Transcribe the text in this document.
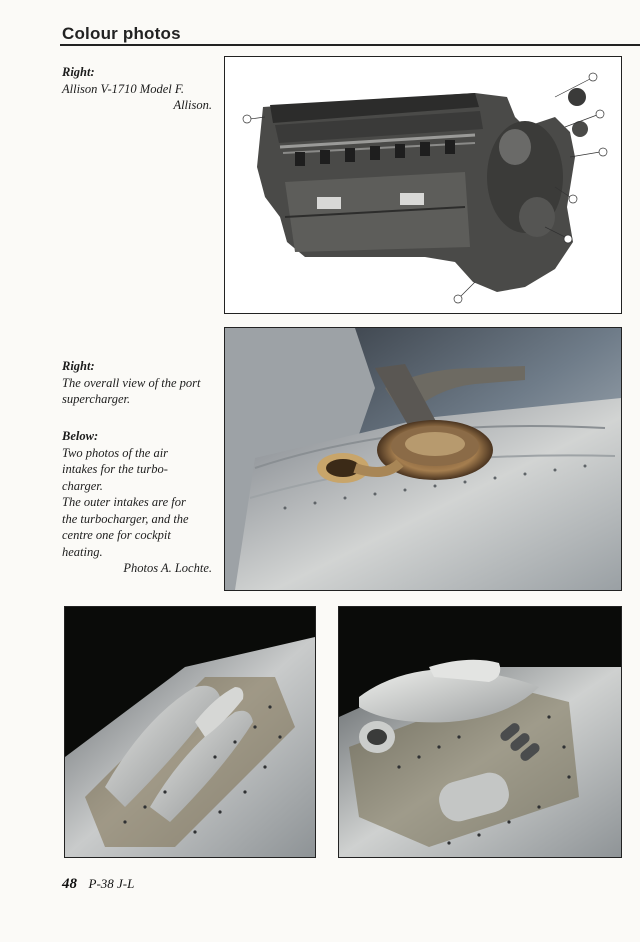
Colour photos
Right:
Allison V-1710 Model F.
Allison.
Right:
The overall view of the port
supercharger.
Below:
Two photos of the air
intakes for the turbo-
charger.
The outer intakes are for
the turbocharger, and the
centre one for cockpit
heating.
Photos A. Lochte.
48 P-38 J-L
